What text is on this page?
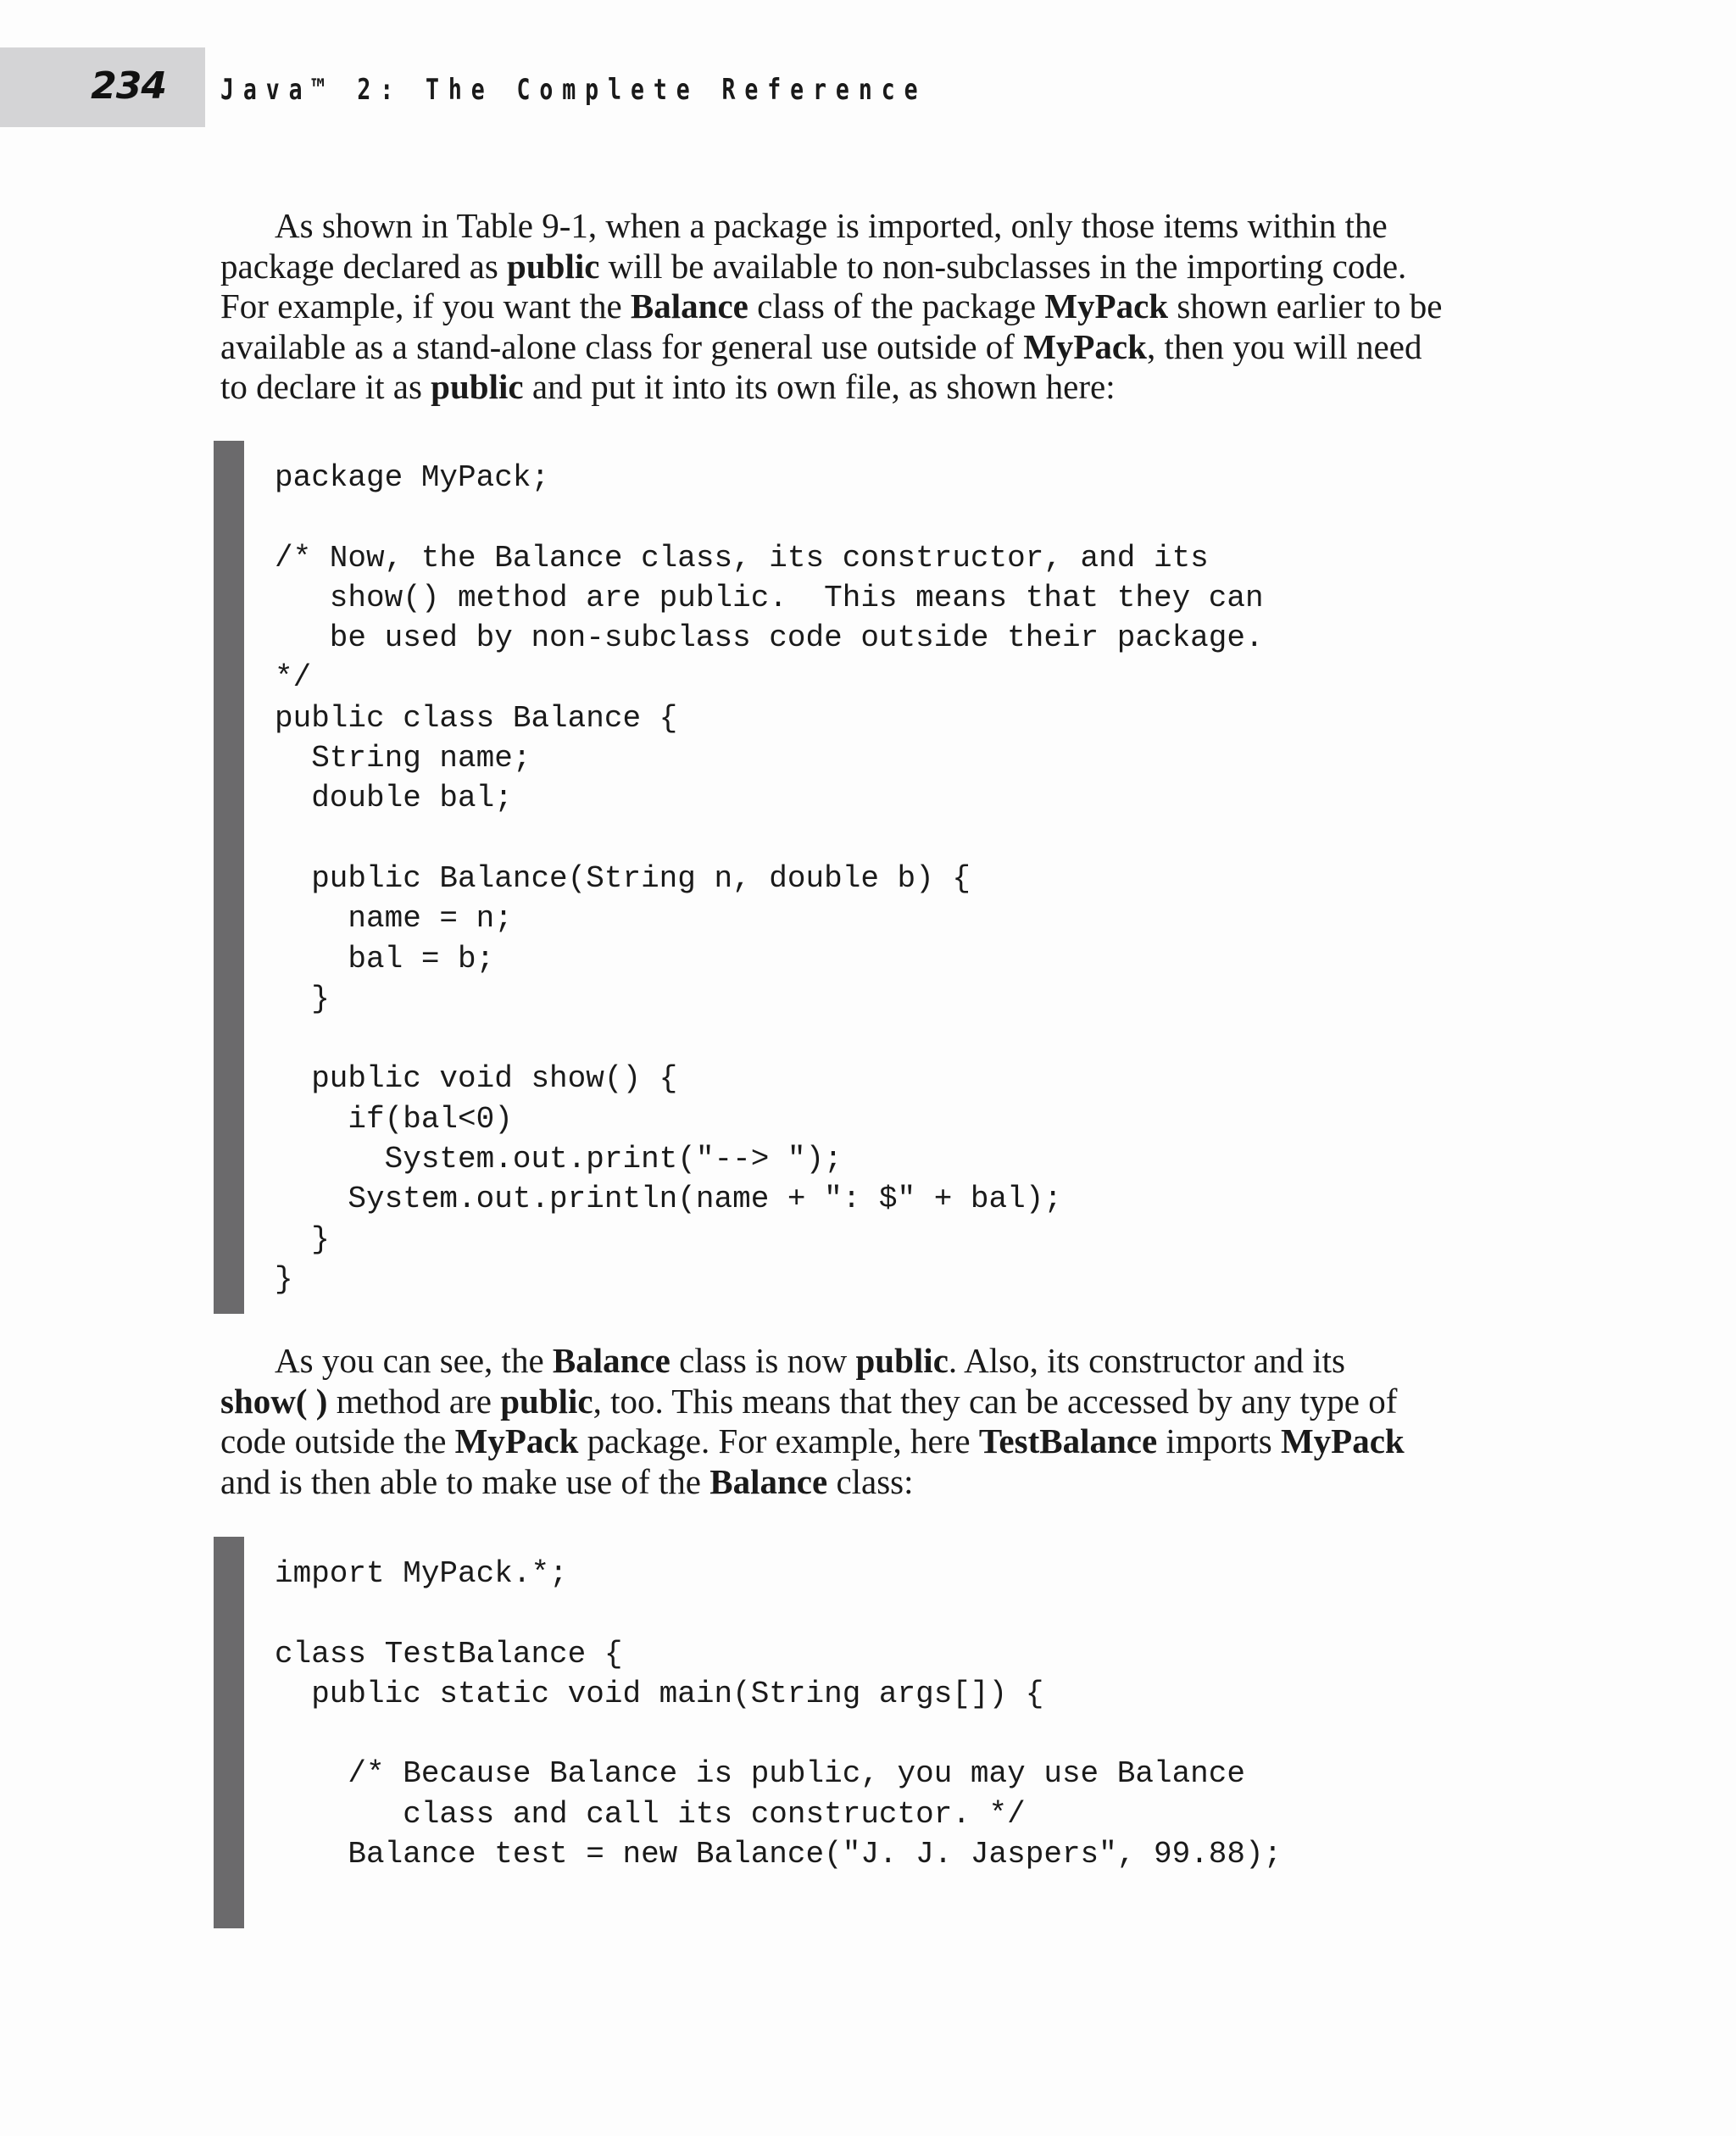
234 Java™ 2: The Complete Reference
As shown in Table 9-1, when a package is imported, only those items within the
package declared as public will be available to non-subclasses in the importing code.
For example, if you want the Balance class of the package MyPack shown earlier to be
available as a stand-alone class for general use outside of MyPack, then you will need
to declare it as public and put it into its own file, as shown here:
package MyPack;
/* Now, the Balance class, its constructor, and its
show() method are public.  This means that they can
be used by non-subclass code outside their package.
*/
public class Balance {
String name;
double bal;
public Balance(String n, double b) {
name = n;
bal = b;
}
public void show() {
if(bal<0)
System.out.print("--> ");
System.out.println(name + ": $" + bal);
}
}
As you can see, the Balance class is now public. Also, its constructor and its
show( ) method are public, too. This means that they can be accessed by any type of
code outside the MyPack package. For example, here TestBalance imports MyPack
and is then able to make use of the Balance class:
import MyPack.*;
class TestBalance {
public static void main(String args[]) {
/* Because Balance is public, you may use Balance
class and call its constructor. */
Balance test = new Balance("J. J. Jaspers", 99.88);
